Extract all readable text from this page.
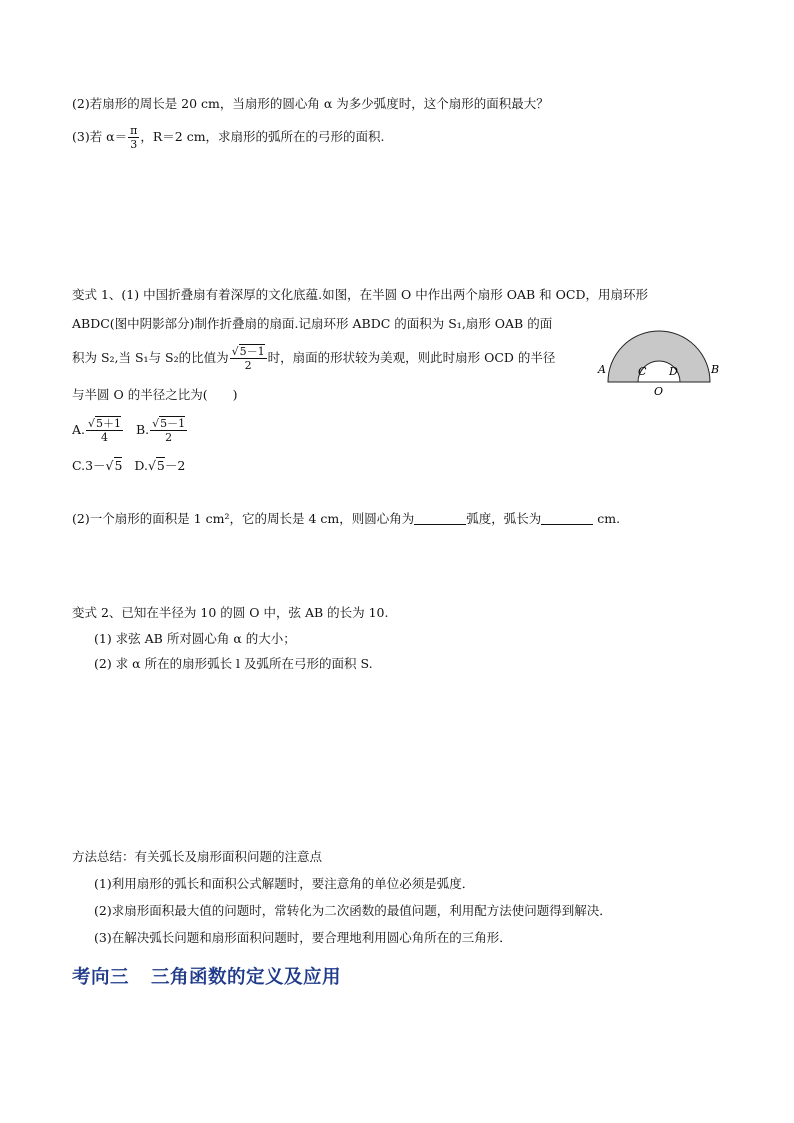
(2)若扇形的周长是 20 cm，当扇形的圆心角 α 为多少弧度时，这个扇形的面积最大？
(3)若 $\alpha= \frac{\pi}{3}$ ，R＝2 cm，求扇形的弧所在的弓形的面积.
变式 1、(1) 中国折叠扇有着深厚的文化底蕴.如图，在半圆 O 中作出两个扇形 OAB 和 OCD，用扇环形
ABDC(图中阴影部分)制作折叠扇的扇面.记扇环形 ABDC 的面积为 S₁,扇形 OAB 的面
积为 S₂,当 S₁与 S₂的比值为 $\frac{√5-1}{2}$ 时，扇面的形状较为美观，则此时扇形 OCD 的半径
与半圆 O 的半径之比为(　　)
A. $\frac{√5+1}{4} B$. $\frac{√5-1}{2}$
C.3－√5 D.√5－2
A	B
C D
O
(2)一个扇形的面积是 1 cm²，它的周长是 4 cm，则圆心角为	弧度，弧长为	cm.
变式 2、已知在半径为 10 的圆 O 中，弦 AB 的长为 10.
(1) 求弦 AB 所对圆心角 α 的大小；
(2) 求 α 所在的扇形弧长 l 及弧所在弓形的面积 S.
方法总结：有关弧长及扇形面积问题的注意点
(1)利用扇形的弧长和面积公式解题时，要注意角的单位必须是弧度．
(2)求扇形面积最大值的问题时，常转化为二次函数的最值问题，利用配方法使问题得到解决．
(3)在解决弧长问题和扇形面积问题时，要合理地利用圆心角所在的三角形．
考向三 三角函数的定义及应用
